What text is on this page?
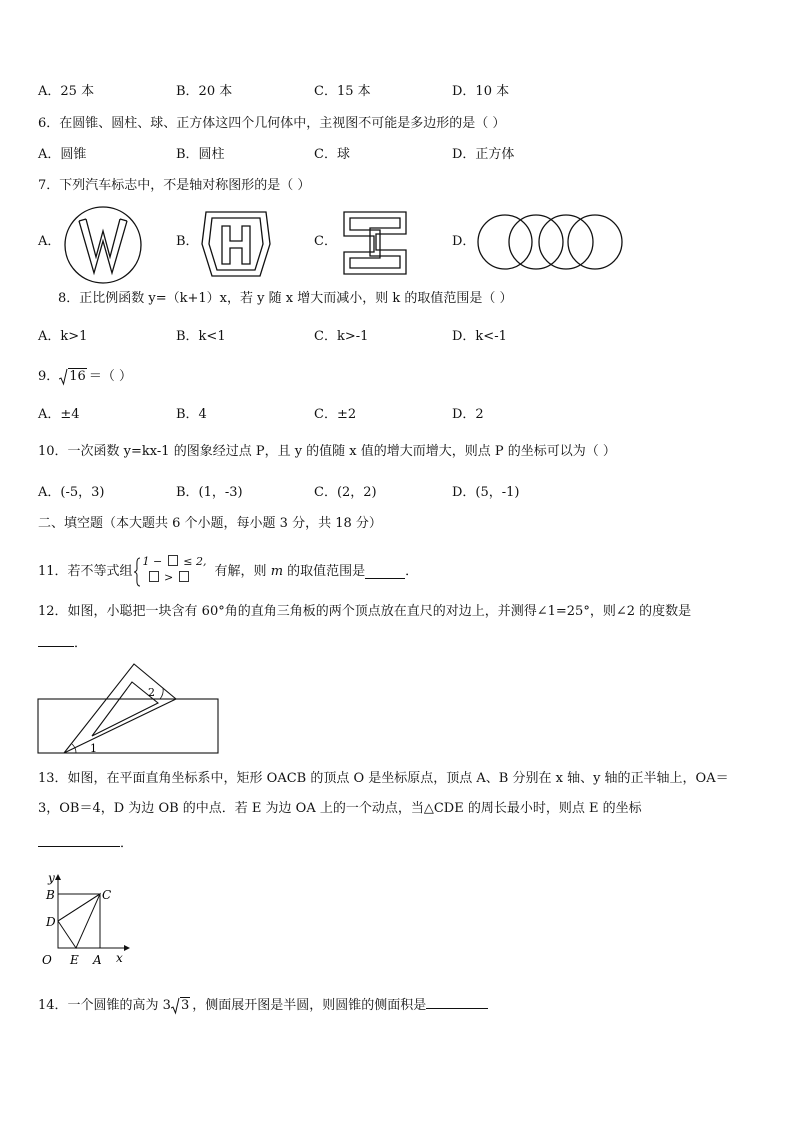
A．25 本	B．20 本	C．15 本	D．10 本
6．在圆锥、圆柱、球、正方体这四个几何体中，主视图不可能是多边形的是（ ）
A．圆锥	B．圆柱	C．球	D．正方体
7．下列汽车标志中，不是轴对称图形的是（ ）
A．	B．	C．	D．
8．正比例函数 y=（k+1）x，若 y 随 x 增大而减小，则 k 的取值范围是（ ）
A．k>1	B．k<1	C．k>-1	D．k<-1
9． 16 ＝（ ）
A．±4	B．4	C．±2	D．2
10．一次函数 y=kx-1 的图象经过点 P，且 y 的值随 x 值的增大而增大，则点 P 的坐标可以为（ ）
A．(-5，3)	B．(1，-3)	C．(2，2)	D．(5，-1)
二、填空题（本大题共 6 个小题，每小题 3 分，共 18 分）
11．若不等式组
1 −  ≤ 2,
>	有解，则 m 的取值范围是	．
12．如图，小聪把一块含有 60°角的直角三角板的两个顶点放在直尺的对边上，并测得∠1=25°，则∠2 的度数是
．
2
1
13．如图，在平面直角坐标系中，矩形 OACB 的顶点 O 是坐标原点，顶点 A、B 分别在 x 轴、y 轴的正半轴上，OA＝
3，OB＝4，D 为边 OB 的中点．若 E 为边 OA 上的一个动点，当△CDE 的周长最小时，则点 E 的坐标
．
y
B	C
D
O E A x
14．一个圆锥的高为 3 3 ，侧面展开图是半圆，则圆锥的侧面积是
